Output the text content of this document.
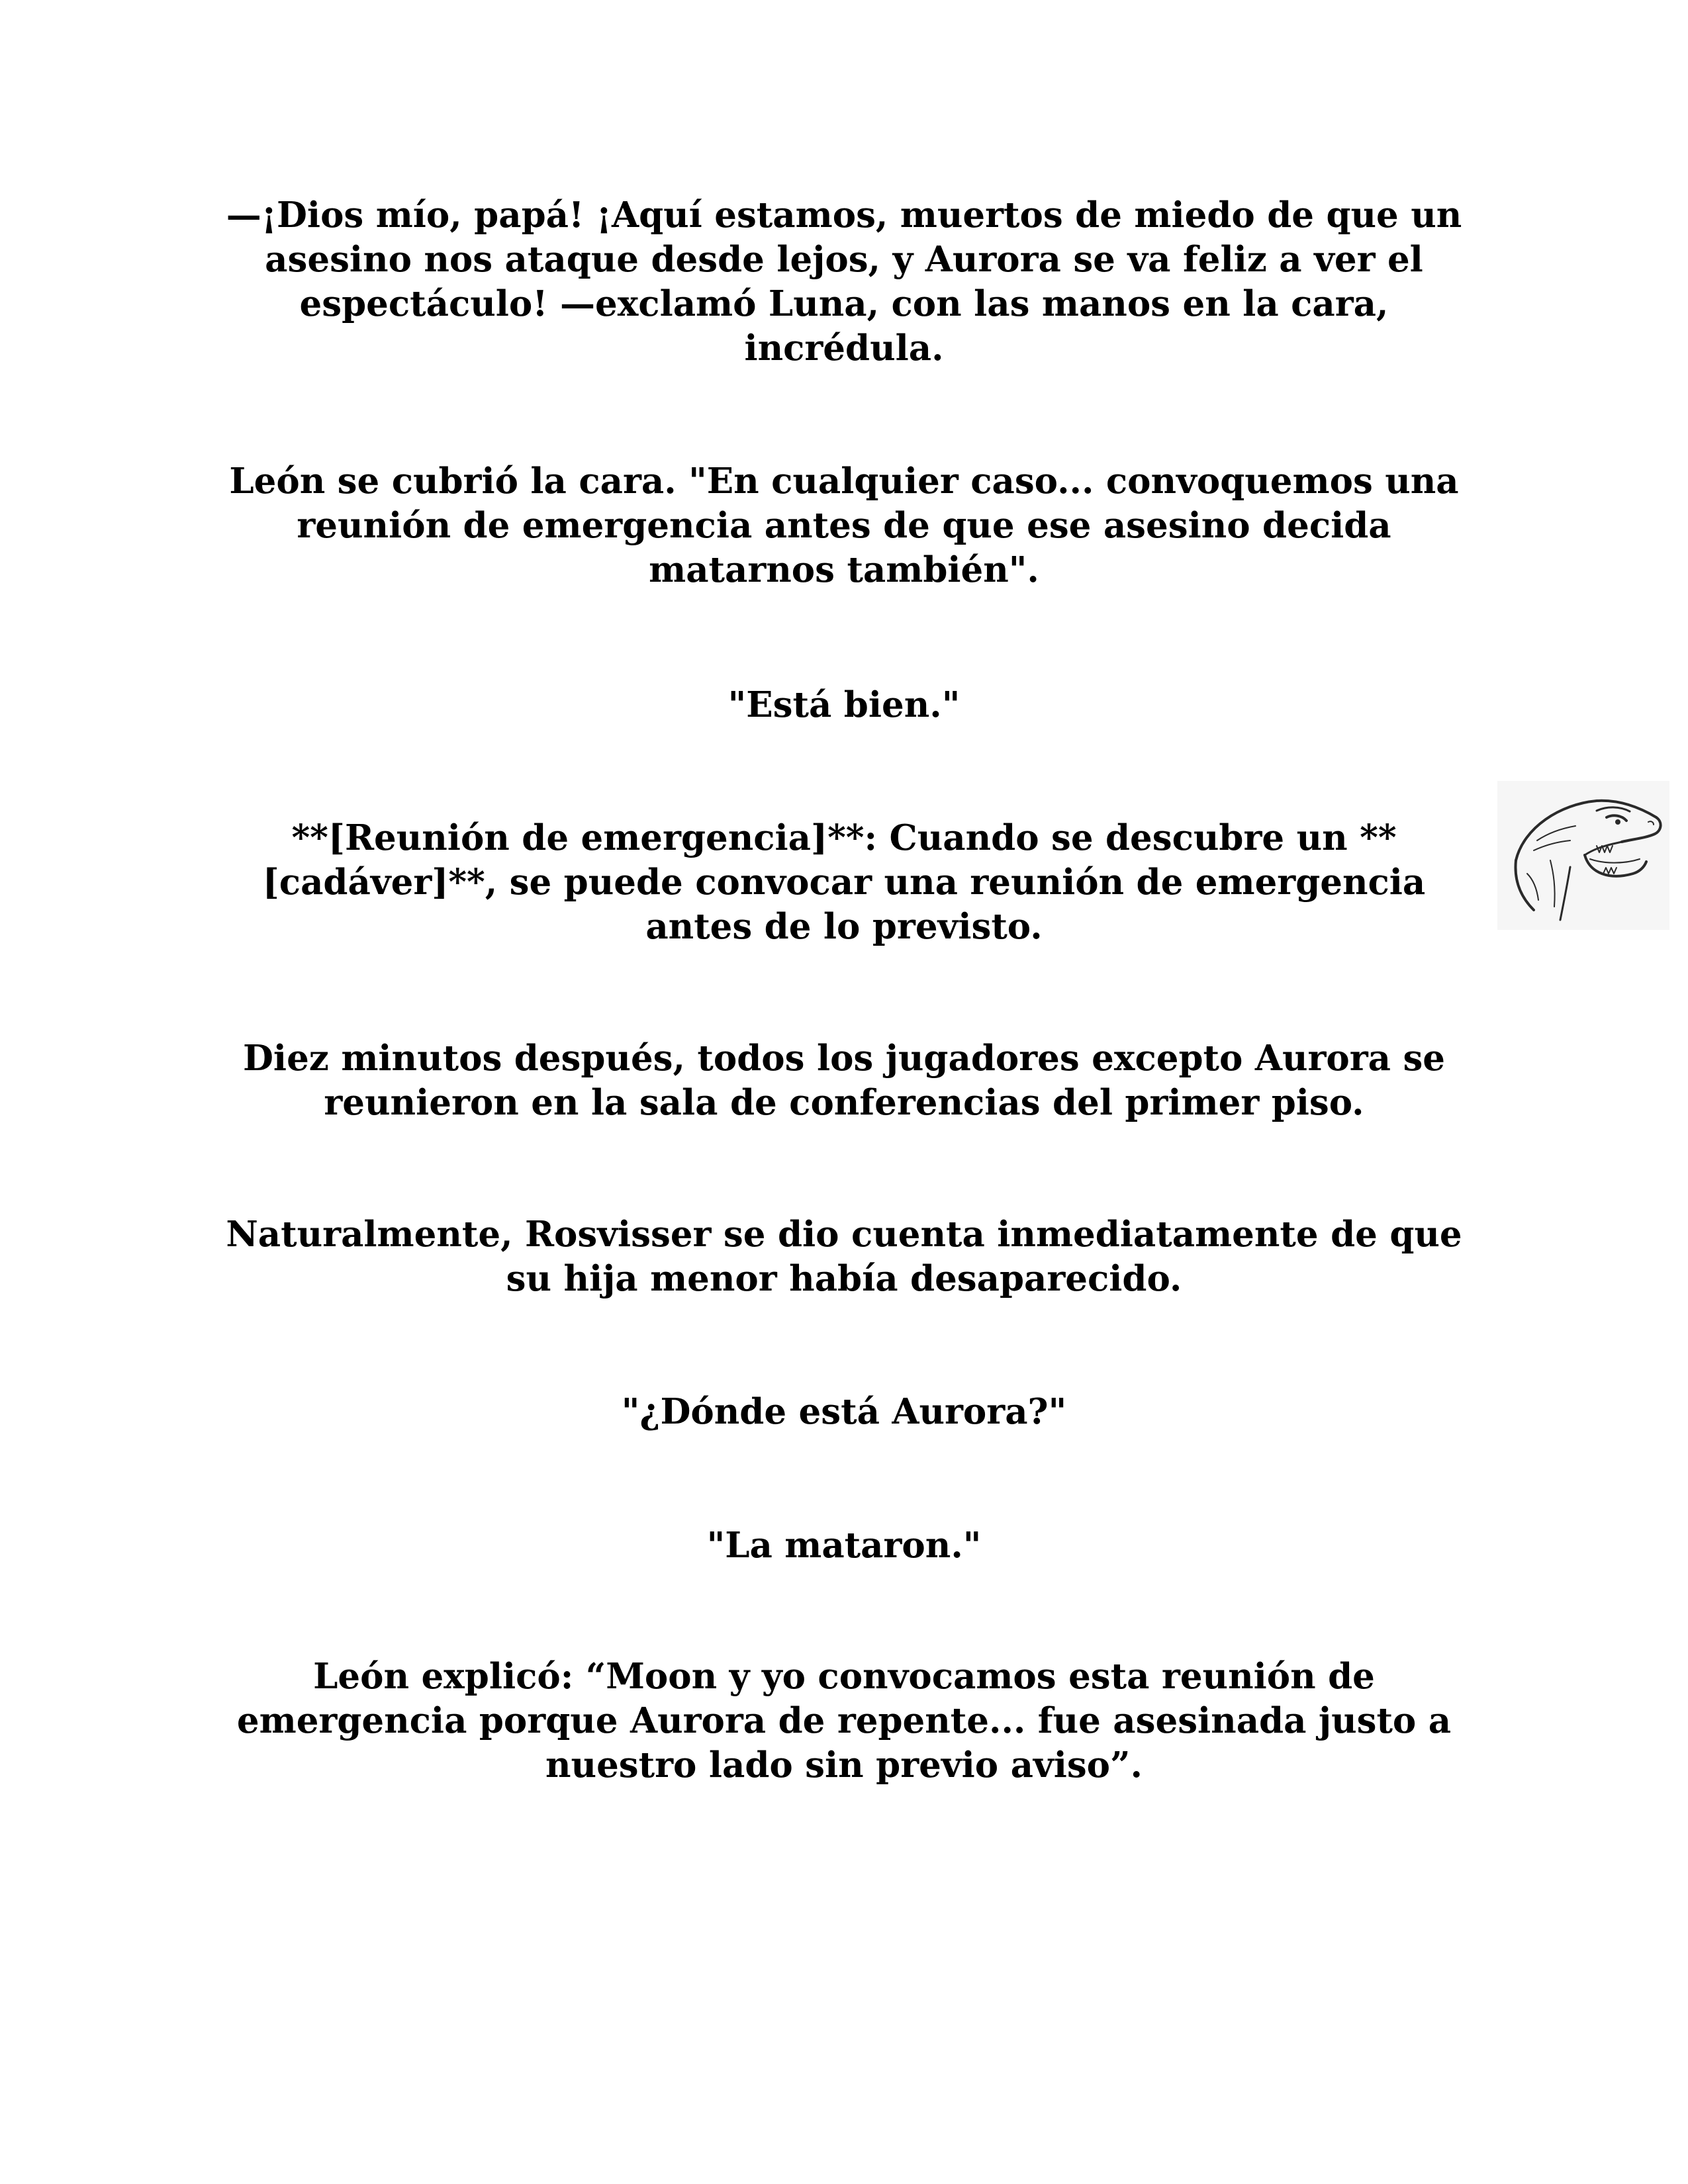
—¡Dios mío, papá! ¡Aquí estamos, muertos de miedo de que un asesino nos ataque desde lejos, y Aurora se va feliz a ver el espectáculo! —exclamó Luna, con las manos en la cara, incrédula.

León se cubrió la cara. "En cualquier caso... convoquemos una reunión de emergencia antes de que ese asesino decida matarnos también".

"Está bien."

**[Reunión de emergencia]**: Cuando se descubre un **[cadáver]**, se puede convocar una reunión de emergencia antes de lo previsto.

Diez minutos después, todos los jugadores excepto Aurora se reunieron en la sala de conferencias del primer piso.

Naturalmente, Rosvisser se dio cuenta inmediatamente de que su hija menor había desaparecido.

"¿Dónde está Aurora?"

"La mataron."

León explicó: “Moon y yo convocamos esta reunión de emergencia porque Aurora de repente... fue asesinada justo a nuestro lado sin previo aviso”.
